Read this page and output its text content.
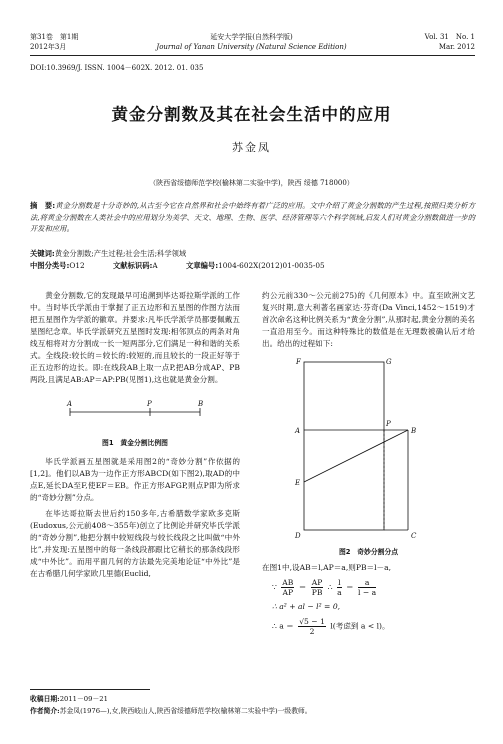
第31卷　第1期
2012年3月
延安大学学报(自然科学版)
Journal of Yanan University (Natural Science Edition)
Vol. 31　No. 1
Mar. 2012
DOI:10.3969/J. ISSN. 1004－602X. 2012. 01. 035
黄金分割数及其在社会生活中的应用
苏金凤
（陕西省绥德师范学校(榆林第二实验中学)，陕西 绥德 718000）
摘　要:黄金分割数是十分奇妙的,从古至今它在自然界和社会中始终有着广泛的应用。文中介绍了黄金分割数的产生过程,按照归类分析方法,将黄金分割数在人类社会中的应用划分为美学、天文、地理、生物、医学、经济管理等六个科学领域,启发人们对黄金分割数做进一步的开发和应用。
关键词:黄金分割数;产生过程;社会生活;科学领域
中图分类号:O12	文献标识码:A	文章编号:1004-602X(2012)01-0035-05

黄金分割数,它的发现最早可追溯到毕达哥拉斯学派的工作中。当时毕氏学派由于掌握了正五边形和五星图的作图方法而把五星图作为学派的徽章。并要求:凡毕氏学派学员都要佩戴五星图纪念章。毕氏学派研究五星图时发现:相邻顶点的两条对角线互相将对方分割成一长一短两部分,它们满足一种和谐的关系式。全线段:较长的＝较长的:较短的,而且较长的一段正好等于正五边形的边长。即:在线段AB上取一点P,把AB分成AP、PB两段,且满足AB:AP＝AP:PB(见图1),这也就是黄金分割。

A	P	B
图1　黄金分割比例图

毕氏学派画五星图就是采用图2的“奇妙分割”作依据的[1,2]。他们以AB为一边作正方形ABCD(如下图2),取AD的中点E,延长DA至F,使EF＝EB。作正方形AFGP,则点P即为所求的“奇妙分割”分点。

在毕达哥拉斯去世后约150多年,古希腊数学家欧多克斯(Eudoxus,公元前408～355年)创立了比例论并研究毕氏学派的“奇妙分割”,他把分割中较短线段与较长线段之比叫做“中外比”,并发现:五星图中的每一条线段都跟比它稍长的那条线段形成“中外比”。而用平面几何的方法最先完美地论证“中外比”是在古希腊几何学家欧几里德(Euclid,

约公元前330～公元前275)的《几何原本》中。直至欧洲文艺复兴时期,意大利著名画家达·芬奇(Da Vinci,1452～1519)才首次命名这种比例关系为“黄金分割”,从那时起,黄金分割的美名一直沿用至今。而这种特殊比的数值是在无理数被确认后才给出。给出的过程如下:

F	G
P
A	B
E
D	C
图2　奇妙分割分点
在图1中,设AB＝l,AP＝a,则PB＝l－a,
∵ $\frac{AB}{AP} = \frac{AP}{PB}$ ∴ $\frac{l}{a} = \frac{a}{l - a}$
∴ a² + al − l² = 0,
∴ $a = \frac{√5 - 1}{2} l$(考虑到 a < l)。
收稿日期:2011－09－21
作者简介:苏金凤(1976—),女,陕西岐山人,陕西省绥德师范学校(榆林第二实验中学)一级教师。
